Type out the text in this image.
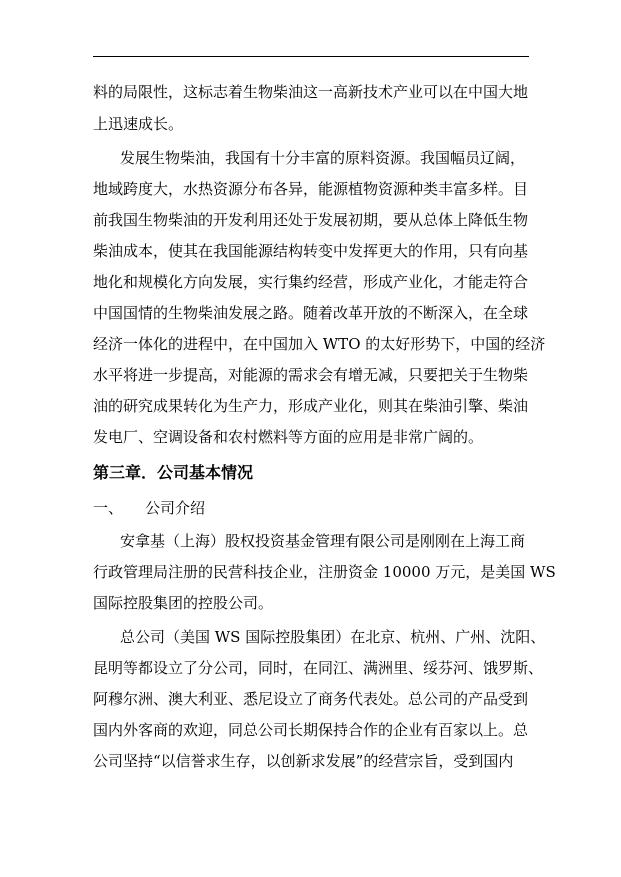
料的局限性，这标志着生物柴油这一高新技术产业可以在中国大地
上迅速成长。
发展生物柴油，我国有十分丰富的原料资源。我国幅员辽阔，
地域跨度大，水热资源分布各异，能源植物资源种类丰富多样。目
前我国生物柴油的开发利用还处于发展初期，要从总体上降低生物
柴油成本，使其在我国能源结构转变中发挥更大的作用，只有向基
地化和规模化方向发展，实行集约经营，形成产业化，才能走符合
中国国情的生物柴油发展之路。随着改革开放的不断深入，在全球
经济一体化的进程中，在中国加入 WTO 的太好形势下，中国的经济
水平将进一步提高，对能源的需求会有增无减，只要把关于生物柴
油的研究成果转化为生产力，形成产业化，则其在柴油引擎、柴油
发电厂、空调设备和农村燃料等方面的应用是非常广阔的。
第三章．公司基本情况
一、 公司介绍
安拿基（上海）股权投资基金管理有限公司是刚刚在上海工商
行政管理局注册的民营科技企业，注册资金 10000 万元，是美国 WS
国际控股集团的控股公司。
总公司（美国 WS 国际控股集团）在北京、杭州、广州、沈阳、
昆明等都设立了分公司，同时，在同江、满洲里、绥芬河、饿罗斯、
阿穆尔洲、澳大利亚、悉尼设立了商务代表处。总公司的产品受到
国内外客商的欢迎，同总公司长期保持合作的企业有百家以上。总
公司坚持“以信誉求生存，以创新求发展”的经营宗旨，受到国内
